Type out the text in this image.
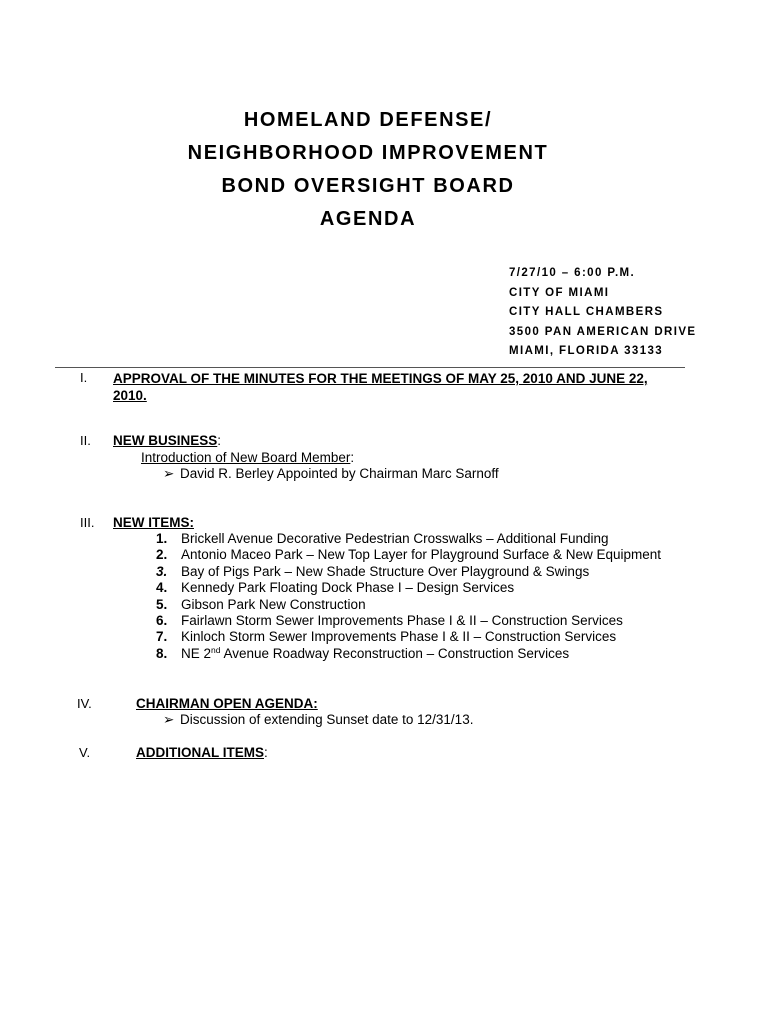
HOMELAND DEFENSE/
NEIGHBORHOOD IMPROVEMENT
BOND OVERSIGHT BOARD
AGENDA
7/27/10 – 6:00 P.M.
CITY OF MIAMI
CITY HALL CHAMBERS
3500 PAN AMERICAN DRIVE
MIAMI, FLORIDA 33133
I. APPROVAL OF THE MINUTES FOR THE MEETINGS OF MAY 25, 2010 AND JUNE 22, 2010.
II. NEW BUSINESS:
Introduction of New Board Member:
➢ David R. Berley Appointed by Chairman Marc Sarnoff
III. NEW ITEMS:
1. Brickell Avenue Decorative Pedestrian Crosswalks – Additional Funding
2. Antonio Maceo Park – New Top Layer for Playground Surface & New Equipment
3. Bay of Pigs Park – New Shade Structure Over Playground & Swings
4. Kennedy Park Floating Dock Phase I – Design Services
5. Gibson Park New Construction
6. Fairlawn Storm Sewer Improvements Phase I & II – Construction Services
7. Kinloch Storm Sewer Improvements Phase I & II – Construction Services
8. NE 2nd Avenue Roadway Reconstruction – Construction Services
IV.	CHAIRMAN OPEN AGENDA:
➢ Discussion of extending Sunset date to 12/31/13.
V.	ADDITIONAL ITEMS:
